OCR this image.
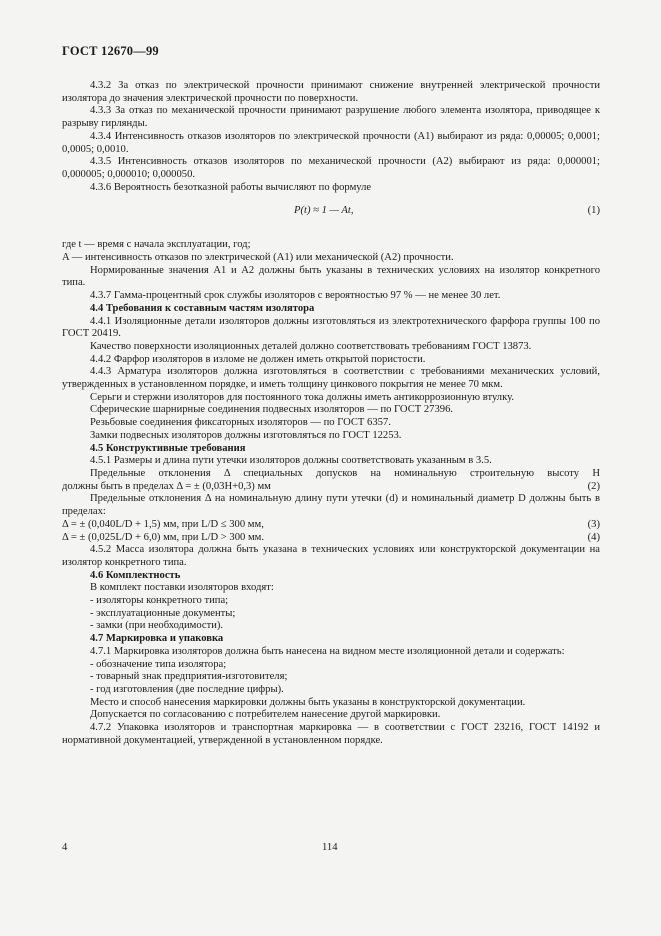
ГОСТ 12670—99

4.3.2 За отказ по электрической прочности принимают снижение внутренней электрической прочности изолятора до значения электрической прочности по поверхности.

4.3.3 За отказ по механической прочности принимают разрушение любого элемента изолятора, приводящее к разрыву гирлянды.

4.3.4 Интенсивность отказов изоляторов по электрической прочности (A1) выбирают из ряда: 0,00005; 0,0001; 0,0005; 0,0010.

4.3.5 Интенсивность отказов изоляторов по механической прочности (A2) выбирают из ряда: 0,000001; 0,000005; 0,000010; 0,000050.

4.3.6 Вероятность безотказной работы вычисляют по формуле

P(t) ≈ 1 — At,	(1)

где t — время с начала эксплуатации, год;

A — интенсивность отказов по электрической (A1) или механической (A2) прочности.

Нормированные значения A1 и A2 должны быть указаны в технических условиях на изолятор конкретного типа.

4.3.7 Гамма-процентный срок службы изоляторов с вероятностью 97 % — не менее 30 лет.

4.4 Требования к составным частям изолятора

4.4.1 Изоляционные детали изоляторов должны изготовляться из электротехнического фарфора группы 100 по ГОСТ 20419.

Качество поверхности изоляционных деталей должно соответствовать требованиям ГОСТ 13873.

4.4.2 Фарфор изоляторов в изломе не должен иметь открытой пористости.

4.4.3 Арматура изоляторов должна изготовляться в соответствии с требованиями механических условий, утвержденных в установленном порядке, и иметь толщину цинкового покрытия не менее 70 мкм.

Серьги и стержни изоляторов для постоянного тока должны иметь антикоррозионную втулку.

Сферические шарнирные соединения подвесных изоляторов — по ГОСТ 27396.

Резьбовые соединения фиксаторных изоляторов — по ГОСТ 6357.

Замки подвесных изоляторов должны изготовляться по ГОСТ 12253.

4.5 Конструктивные требования

4.5.1 Размеры и длина пути утечки изоляторов должны соответствовать указанным в 3.5.

Предельные отклонения Δ специальных допусков на номинальную строительную высоту H

должны быть в пределах Δ = ± (0,03H+0,3) мм	(2)

Предельные отклонения Δ на номинальную длину пути утечки (d) и номинальный диаметр D должны быть в пределах:

Δ = ± (0,040L/D + 1,5) мм, при L/D ≤ 300 мм,	(3)
Δ = ± (0,025L/D + 6,0) мм, при L/D > 300 мм.	(4)

4.5.2 Масса изолятора должна быть указана в технических условиях или конструкторской документации на изолятор конкретного типа.

4.6 Комплектность

В комплект поставки изоляторов входят:

- изоляторы конкретного типа;

- эксплуатационные документы;

- замки (при необходимости).

4.7 Маркировка и упаковка

4.7.1 Маркировка изоляторов должна быть нанесена на видном месте изоляционной детали и содержать:

- обозначение типа изолятора;

- товарный знак предприятия-изготовителя;

- год изготовления (две последние цифры).

Место и способ нанесения маркировки должны быть указаны в конструкторской документации.

Допускается по согласованию с потребителем нанесение другой маркировки.

4.7.2 Упаковка изоляторов и транспортная маркировка — в соответствии с ГОСТ 23216, ГОСТ 14192 и нормативной документацией, утвержденной в установленном порядке.

4	114
